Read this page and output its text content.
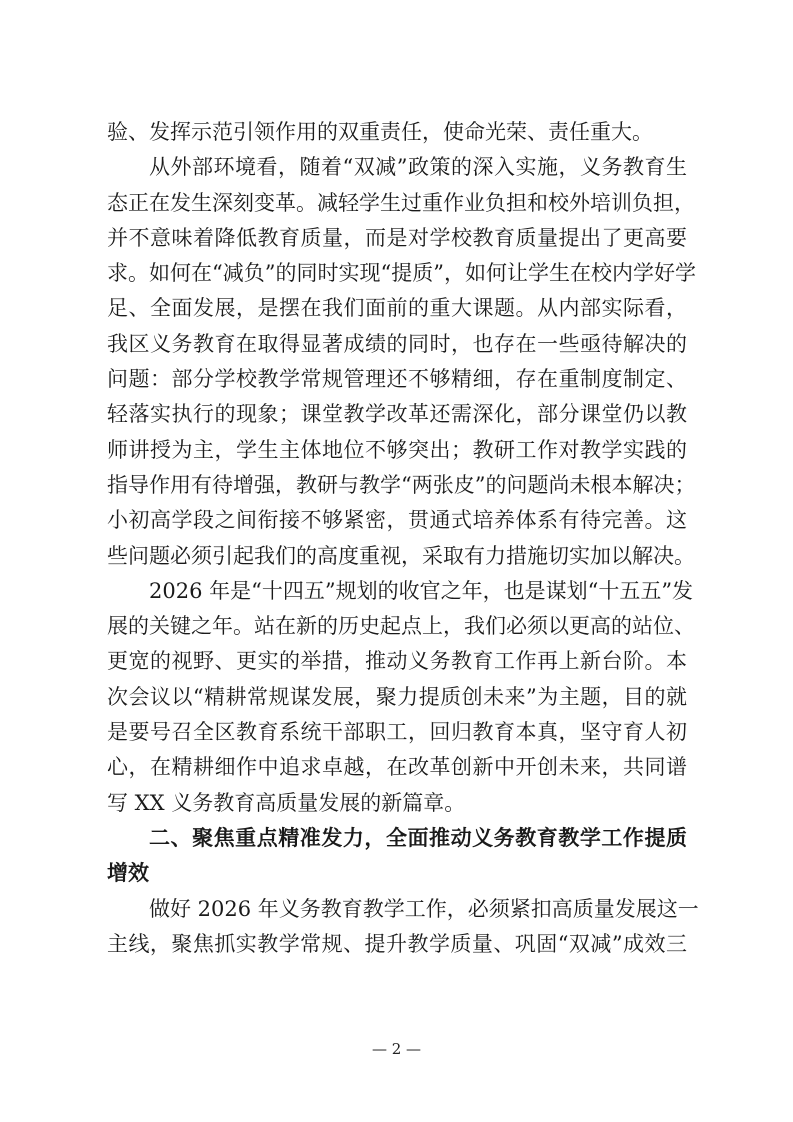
验、发挥示范引领作用的双重责任，使命光荣、责任重大。
从外部环境看，随着“双减”政策的深入实施，义务教育生
态正在发生深刻变革。减轻学生过重作业负担和校外培训负担，
并不意味着降低教育质量，而是对学校教育质量提出了更高要
求。如何在“减负”的同时实现“提质”，如何让学生在校内学好学
足、全面发展，是摆在我们面前的重大课题。从内部实际看，
我区义务教育在取得显著成绩的同时，也存在一些亟待解决的
问题：部分学校教学常规管理还不够精细，存在重制度制定、
轻落实执行的现象；课堂教学改革还需深化，部分课堂仍以教
师讲授为主，学生主体地位不够突出；教研工作对教学实践的
指导作用有待增强，教研与教学“两张皮”的问题尚未根本解决；
小初高学段之间衔接不够紧密，贯通式培养体系有待完善。这
些问题必须引起我们的高度重视，采取有力措施切实加以解决。
2026 年是“十四五”规划的收官之年，也是谋划“十五五”发
展的关键之年。站在新的历史起点上，我们必须以更高的站位、
更宽的视野、更实的举措，推动义务教育工作再上新台阶。本
次会议以“精耕常规谋发展，聚力提质创未来”为主题，目的就
是要号召全区教育系统干部职工，回归教育本真，坚守育人初
心，在精耕细作中追求卓越，在改革创新中开创未来，共同谱
写 XX 义务教育高质量发展的新篇章。
二、聚焦重点精准发力，全面推动义务教育教学工作提质
增效
做好 2026 年义务教育教学工作，必须紧扣高质量发展这一
主线，聚焦抓实教学常规、提升教学质量、巩固“双减”成效三
— 2 —
